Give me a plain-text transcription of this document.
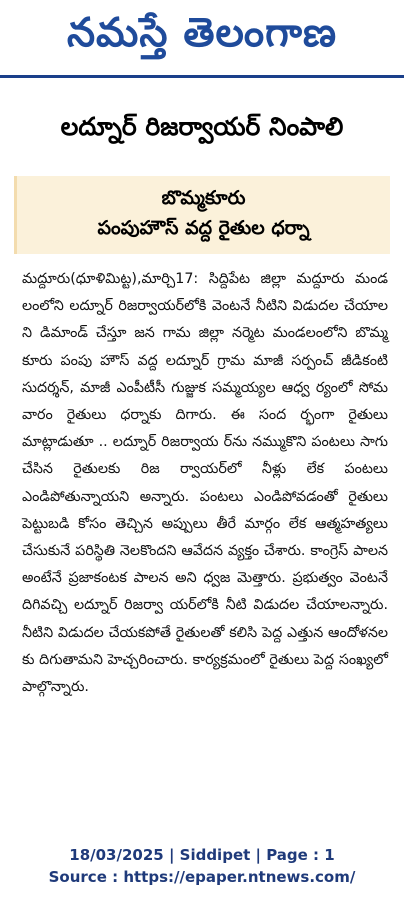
నమస్తే తెలంగాణ
లద్నూర్ రిజర్వాయర్ నింపాలి
బొమ్మకూరు
పంపుహౌస్ వద్ద రైతుల ధర్నా
మద్దూరు(ధూళిమిట్ట),మార్చి17: సిద్దిపేట జిల్లా మద్దూరు మండలంలోని లద్నూర్ రిజర్వాయర్‌లోకి వెంటనే నీటిని విడుదల చేయాలని డిమాండ్ చేస్తూ జన గామ జిల్లా నర్మెట మండలంలోని బొమ్మకూరు పంపు హౌస్ వద్ద లద్నూర్ గ్రామ మాజీ సర్పంచ్ జీడికంటి సుదర్శన్, మాజీ ఎంపీటీసీ గుజ్జుక సమ్మయ్యల ఆధ్వ ర్యంలో సోమవారం రైతులు ధర్నాకు దిగారు. ఈ సంద ర్భంగా రైతులు మాట్లాడుతూ .. లద్నూర్ రిజర్వాయ ర్‌ను నమ్ముకొని పంటలు సాగు చేసిన రైతులకు రిజ ర్వాయర్‌లో నీళ్లు లేక పంటలు ఎండిపోతున్నాయని అన్నారు. పంటలు ఎండిపోవడంతో రైతులు పెట్టుబడి కోసం తెచ్చిన అప్పులు తీరే మార్గం లేక ఆత్మహత్యలు చేసుకునే పరిస్థితి నెలకొందని ఆవేదన వ్యక్తం చేశారు. కాంగ్రెస్ పాలన అంటేనే ప్రజాకంటక పాలన అని ధ్వజ మెత్తారు. ప్రభుత్వం వెంటనే దిగివచ్చి లద్నూర్ రిజర్వా యర్‌లోకి నీటి విడుదల చేయాలన్నారు. నీటిని విడుదల చేయకపోతే రైతులతో కలిసి పెద్ద ఎత్తున ఆందోళనలకు దిగుతామని హెచ్చరించారు. కార్యక్రమంలో రైతులు పెద్ద సంఖ్యలో పాల్గొన్నారు.
18/03/2025 | Siddipet | Page : 1
Source : https://epaper.ntnews.com/
